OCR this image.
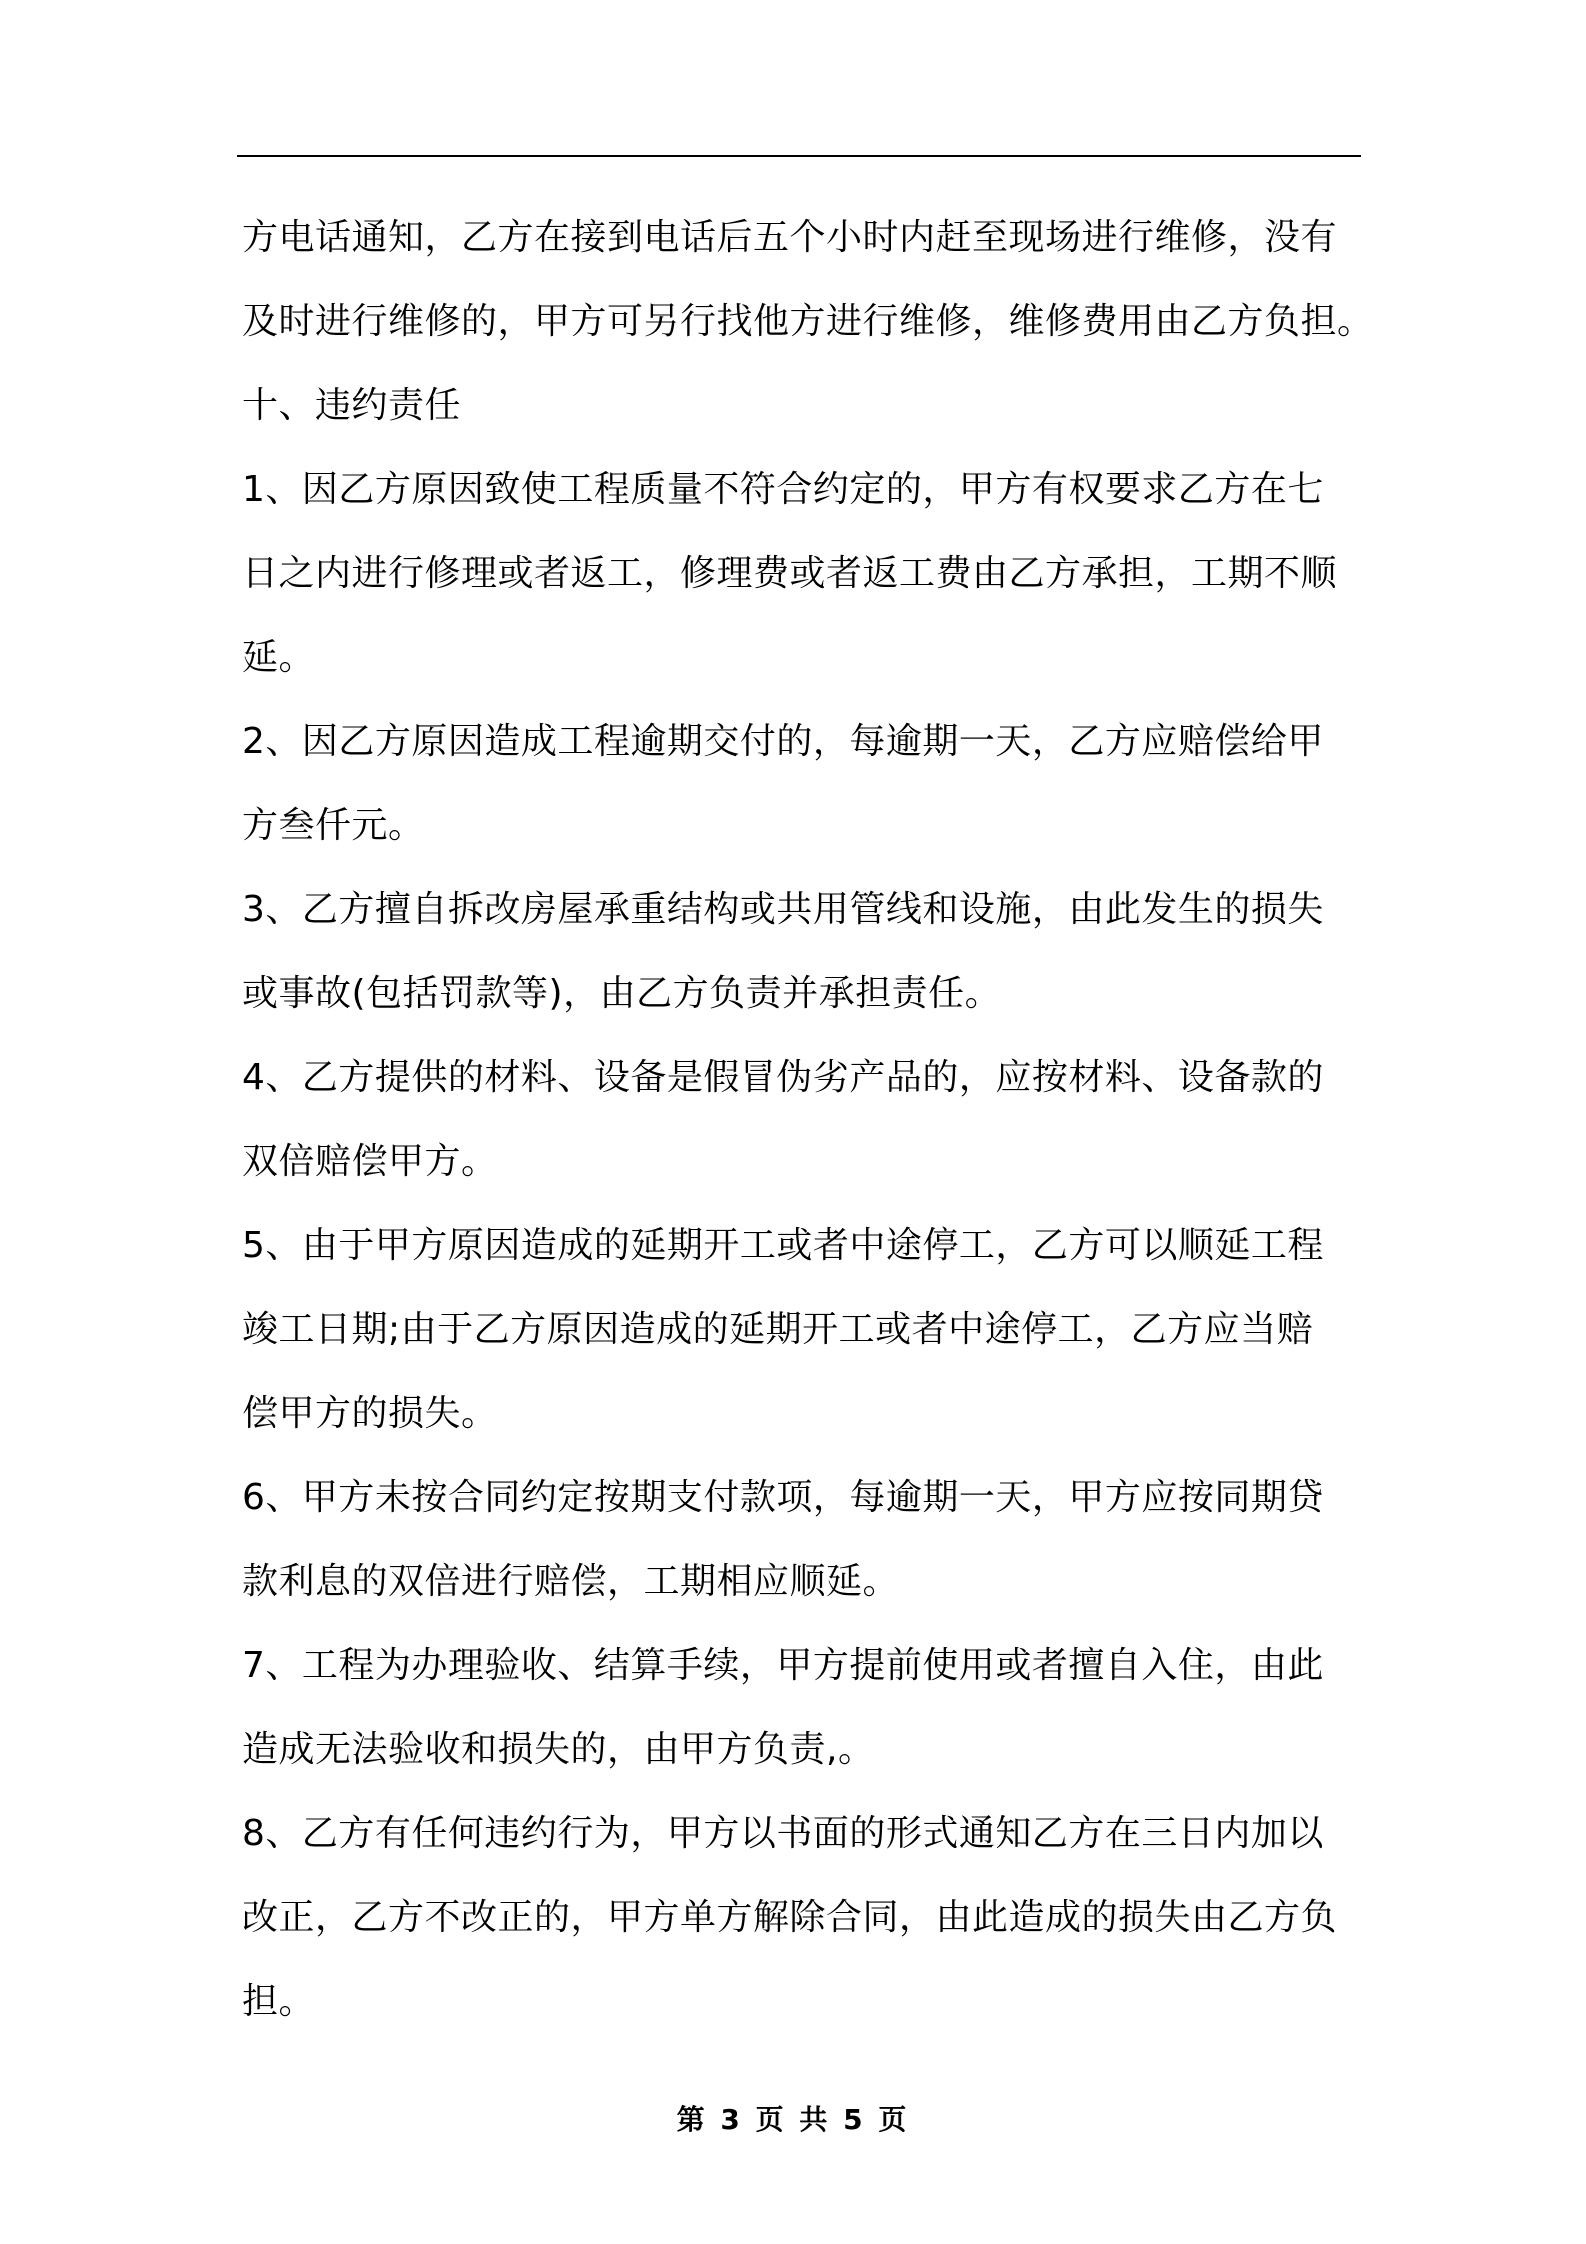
方电话通知，乙方在接到电话后五个小时内赶至现场进行维修，没有
及时进行维修的，甲方可另行找他方进行维修，维修费用由乙方负担。
十、违约责任
1、因乙方原因致使工程质量不符合约定的，甲方有权要求乙方在七
日之内进行修理或者返工，修理费或者返工费由乙方承担，工期不顺
延。
2、因乙方原因造成工程逾期交付的，每逾期一天，乙方应赔偿给甲
方叁仟元。
3、乙方擅自拆改房屋承重结构或共用管线和设施，由此发生的损失
或事故(包括罚款等)，由乙方负责并承担责任。
4、乙方提供的材料、设备是假冒伪劣产品的，应按材料、设备款的
双倍赔偿甲方。
5、由于甲方原因造成的延期开工或者中途停工，乙方可以顺延工程
竣工日期;由于乙方原因造成的延期开工或者中途停工，乙方应当赔
偿甲方的损失。
6、甲方未按合同约定按期支付款项，每逾期一天，甲方应按同期贷
款利息的双倍进行赔偿，工期相应顺延。
7、工程为办理验收、结算手续，甲方提前使用或者擅自入住，由此
造成无法验收和损失的，由甲方负责,。
8、乙方有任何违约行为，甲方以书面的形式通知乙方在三日内加以
改正，乙方不改正的，甲方单方解除合同，由此造成的损失由乙方负
担。
第 3 页 共 5 页
